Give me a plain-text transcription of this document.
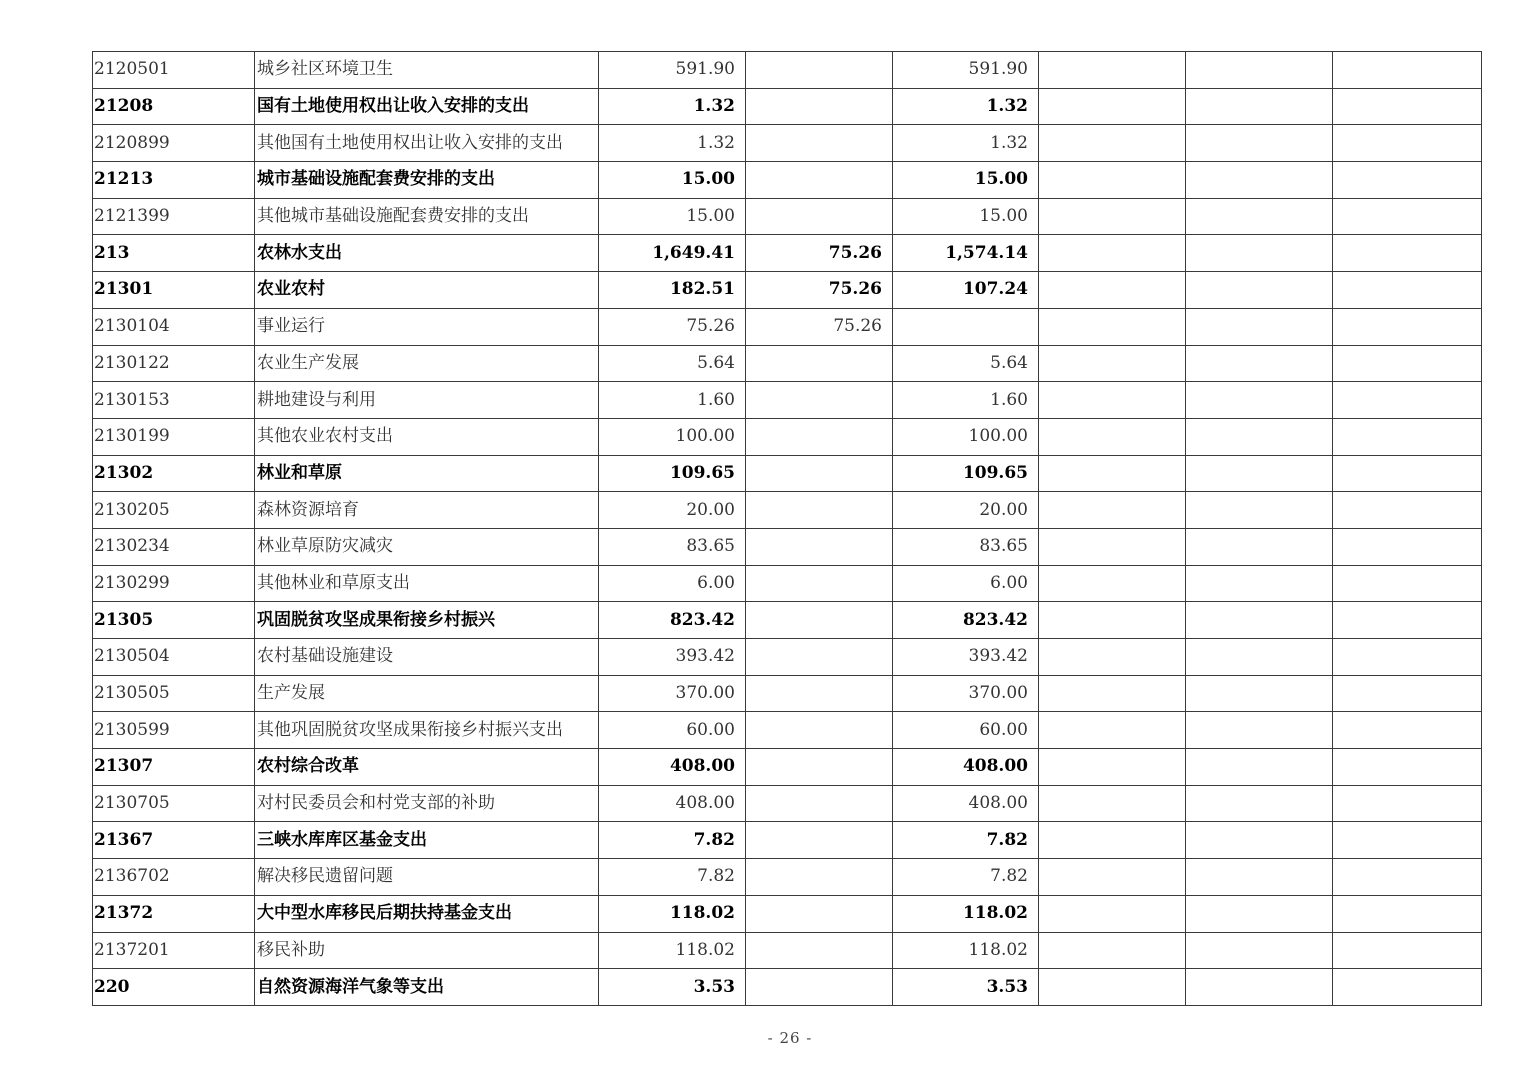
2120501	城乡社区环境卫生	591.90		591.90			
21208	国有土地使用权出让收入安排的支出	1.32		1.32			
2120899	其他国有土地使用权出让收入安排的支出	1.32		1.32			
21213	城市基础设施配套费安排的支出	15.00		15.00			
2121399	其他城市基础设施配套费安排的支出	15.00		15.00			
213	农林水支出	1,649.41	75.26	1,574.14			
21301	农业农村	182.51	75.26	107.24			
2130104	事业运行	75.26	75.26				
2130122	农业生产发展	5.64		5.64			
2130153	耕地建设与利用	1.60		1.60			
2130199	其他农业农村支出	100.00		100.00			
21302	林业和草原	109.65		109.65			
2130205	森林资源培育	20.00		20.00			
2130234	林业草原防灾减灾	83.65		83.65			
2130299	其他林业和草原支出	6.00		6.00			
21305	巩固脱贫攻坚成果衔接乡村振兴	823.42		823.42			
2130504	农村基础设施建设	393.42		393.42			
2130505	生产发展	370.00		370.00			
2130599	其他巩固脱贫攻坚成果衔接乡村振兴支出	60.00		60.00			
21307	农村综合改革	408.00		408.00			
2130705	对村民委员会和村党支部的补助	408.00		408.00			
21367	三峡水库库区基金支出	7.82		7.82			
2136702	解决移民遗留问题	7.82		7.82			
21372	大中型水库移民后期扶持基金支出	118.02		118.02			
2137201	移民补助	118.02		118.02			
220	自然资源海洋气象等支出	3.53		3.53			
- 26 -
